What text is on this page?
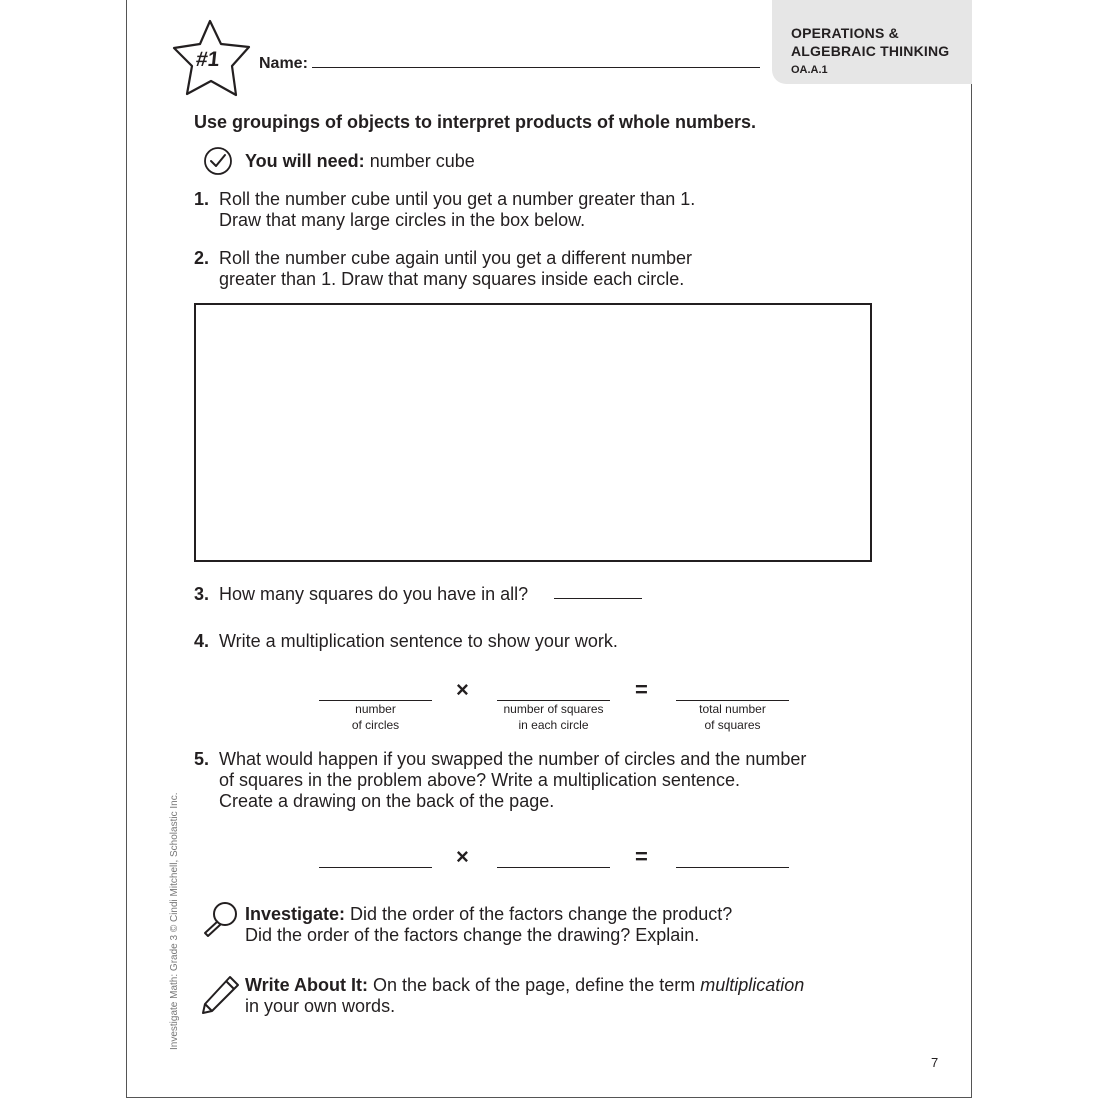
OPERATIONS &
ALGEBRAIC THINKING
OA.A.1
#1 Name:
Use groupings of objects to interpret products of whole numbers.
You will need: number cube
1. Roll the number cube until you get a number greater than 1.
Draw that many large circles in the box below.
2. Roll the number cube again until you get a different number
greater than 1. Draw that many squares inside each circle.
3. How many squares do you have in all?
4. Write a multiplication sentence to show your work.
×	=
number
of circles
number of squares
in each circle
total number
of squares
5. What would happen if you swapped the number of circles and the number
of squares in the problem above? Write a multiplication sentence.
Create a drawing on the back of the page.
×	=
Investigate: Did the order of the factors change the product?
Did the order of the factors change the drawing? Explain.
Write About It: On the back of the page, define the term multiplication
in your own words.
Investigate Math: Grade 3 © Cindi Mitchell, Scholastic Inc.
7
